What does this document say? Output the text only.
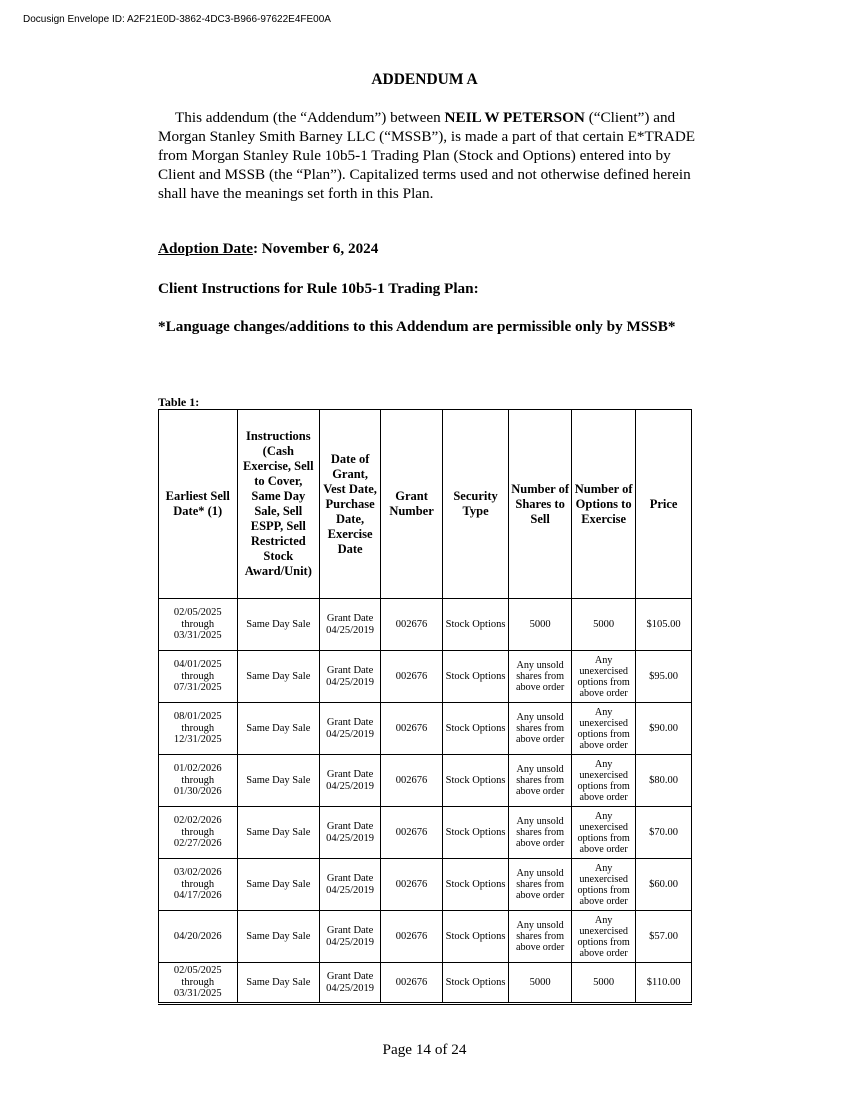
Docusign Envelope ID: A2F21E0D-3862-4DC3-B966-97622E4FE00A
ADDENDUM A
This addendum (the “Addendum”) between NEIL W PETERSON (“Client”) and Morgan Stanley Smith Barney LLC (“MSSB”), is made a part of that certain E*TRADE from Morgan Stanley Rule 10b5-1 Trading Plan (Stock and Options) entered into by Client and MSSB (the “Plan”). Capitalized terms used and not otherwise defined herein shall have the meanings set forth in this Plan.
Adoption Date: November 6, 2024
Client Instructions for Rule 10b5-1 Trading Plan:
*Language changes/additions to this Addendum are permissible only by MSSB*
Table 1:
Earliest Sell Date* (1)	Instructions (Cash Exercise, Sell to Cover, Same Day Sale, Sell ESPP, Sell Restricted Stock Award/Unit)	Date of Grant, Vest Date, Purchase Date, Exercise Date	Grant Number	Security Type	Number of Shares to Sell	Number of Options to Exercise	Price
02/05/2025 through 03/31/2025	Same Day Sale	Grant Date 04/25/2019	002676	Stock Options	5000	5000	$105.00
04/01/2025 through 07/31/2025	Same Day Sale	Grant Date 04/25/2019	002676	Stock Options	Any unsold shares from above order	Any unexercised options from above order	$95.00
08/01/2025 through 12/31/2025	Same Day Sale	Grant Date 04/25/2019	002676	Stock Options	Any unsold shares from above order	Any unexercised options from above order	$90.00
01/02/2026 through 01/30/2026	Same Day Sale	Grant Date 04/25/2019	002676	Stock Options	Any unsold shares from above order	Any unexercised options from above order	$80.00
02/02/2026 through 02/27/2026	Same Day Sale	Grant Date 04/25/2019	002676	Stock Options	Any unsold shares from above order	Any unexercised options from above order	$70.00
03/02/2026 through 04/17/2026	Same Day Sale	Grant Date 04/25/2019	002676	Stock Options	Any unsold shares from above order	Any unexercised options from above order	$60.00
04/20/2026	Same Day Sale	Grant Date 04/25/2019	002676	Stock Options	Any unsold shares from above order	Any unexercised options from above order	$57.00
02/05/2025 through 03/31/2025	Same Day Sale	Grant Date 04/25/2019	002676	Stock Options	5000	5000	$110.00
Page 14 of 24
